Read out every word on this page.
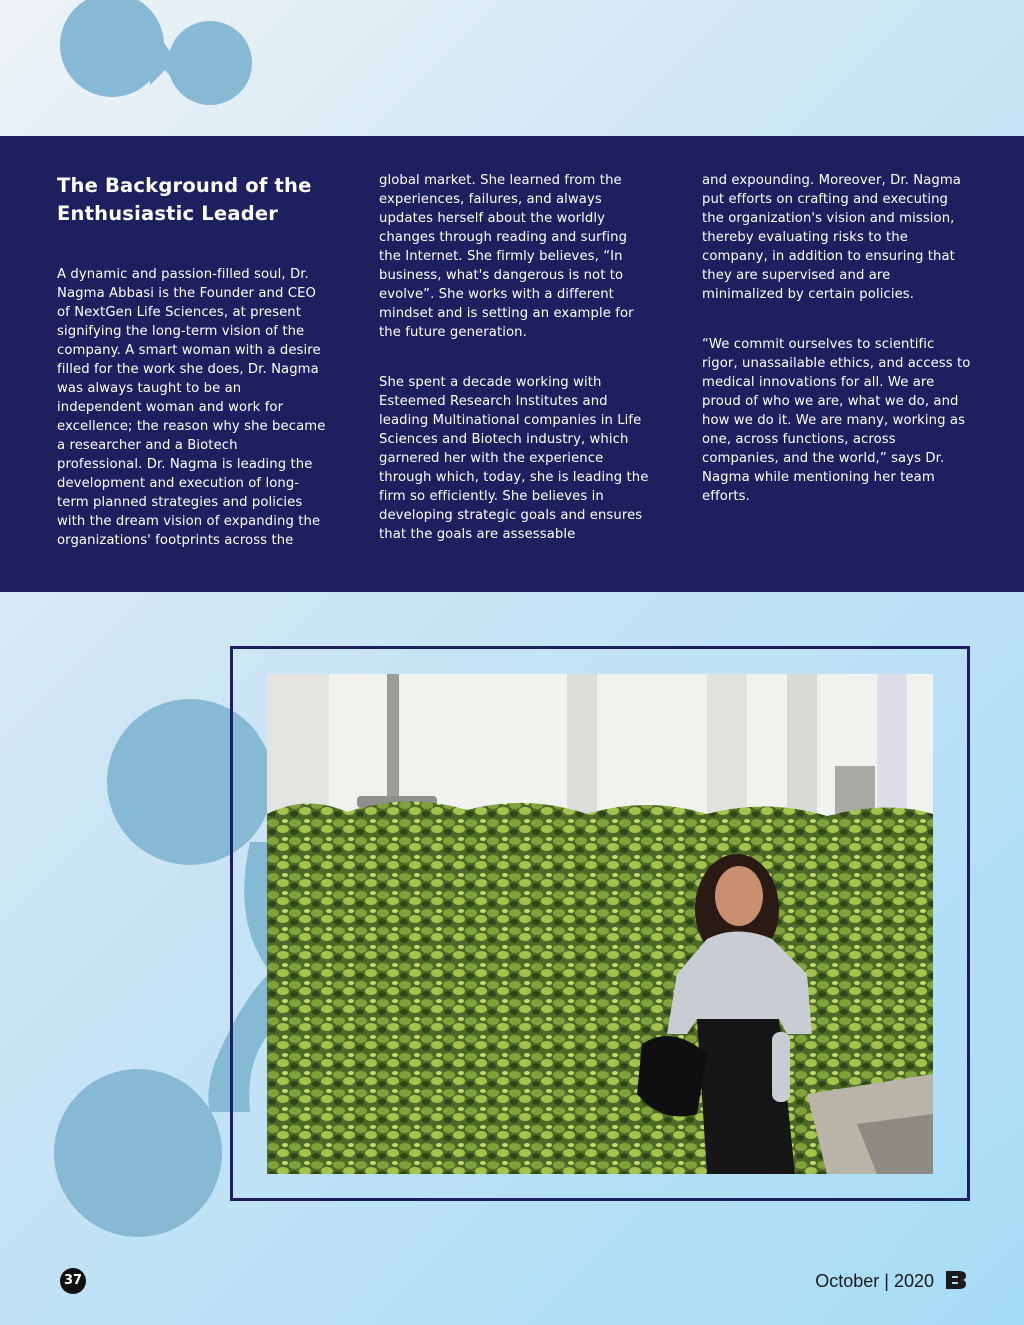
The Background of the Enthusiastic Leader

A dynamic and passion-filled soul, Dr. Nagma Abbasi is the Founder and CEO of NextGen Life Sciences, at present signifying the long-term vision of the company. A smart woman with a desire filled for the work she does, Dr. Nagma was always taught to be an independent woman and work for excellence; the reason why she became a researcher and a Biotech professional. Dr. Nagma is leading the development and execution of long-term planned strategies and policies with the dream vision of expanding the organizations' footprints across the

global market. She learned from the experiences, failures, and always updates herself about the worldly changes through reading and surfing the Internet. She firmly believes, “In business, what's dangerous is not to evolve”. She works with a different mindset and is setting an example for the future generation.

She spent a decade working with Esteemed Research Institutes and leading Multinational companies in Life Sciences and Biotech industry, which garnered her with the experience through which, today, she is leading the firm so efficiently. She believes in developing strategic goals and ensures that the goals are assessable

and expounding. Moreover, Dr. Nagma put efforts on crafting and executing the organization's vision and mission, thereby evaluating risks to the company, in addition to ensuring that they are supervised and are minimalized by certain policies.

“We commit ourselves to scientific rigor, unassailable ethics, and access to medical innovations for all. We are proud of who we are, what we do, and how we do it. We are many, working as one, across functions, across companies, and the world,” says Dr. Nagma while mentioning her team efforts.

37	October | 2020
